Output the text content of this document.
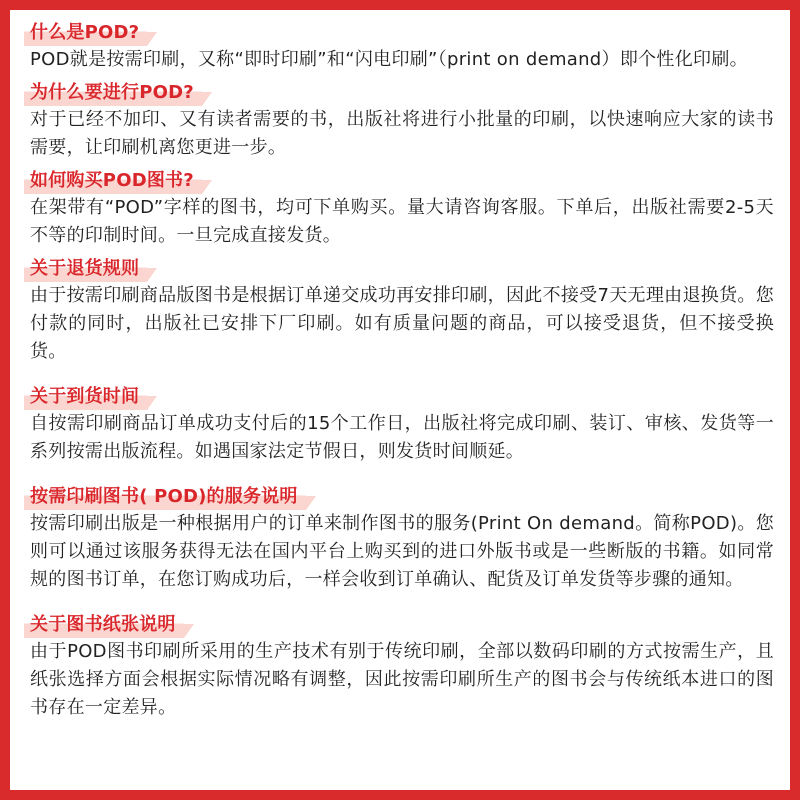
什么是POD?

POD就是按需印刷，又称“即时印刷”和“闪电印刷”（print on demand）即个性化印刷。

为什么要进行POD?

对于已经不加印、又有读者需要的书，出版社将进行小批量的印刷，以快速响应大家的读书需要，让印刷机离您更进一步。

如何购买POD图书?

在架带有“POD”字样的图书，均可下单购买。量大请咨询客服。下单后，出版社需要2-5天不等的印制时间。一旦完成直接发货。

关于退货规则

由于按需印刷商品版图书是根据订单递交成功再安排印刷，因此不接受7天无理由退换货。您付款的同时，出版社已安排下厂印刷。如有质量问题的商品，可以接受退货，但不接受换货。

关于到货时间

自按需印刷商品订单成功支付后的15个工作日，出版社将完成印刷、装订、审核、发货等一系列按需出版流程。如遇国家法定节假日，则发货时间顺延。

按需印刷图书( POD)的服务说明

按需印刷出版是一种根据用户的订单来制作图书的服务(Print On demand。简称POD)。您则可以通过该服务获得无法在国内平台上购买到的进口外版书或是一些断版的书籍。如同常规的图书订单，在您订购成功后，一样会收到订单确认、配货及订单发货等步骤的通知。

关于图书纸张说明

由于POD图书印刷所采用的生产技术有别于传统印刷，全部以数码印刷的方式按需生产，且纸张选择方面会根据实际情况略有调整，因此按需印刷所生产的图书会与传统纸本进口的图书存在一定差异。
